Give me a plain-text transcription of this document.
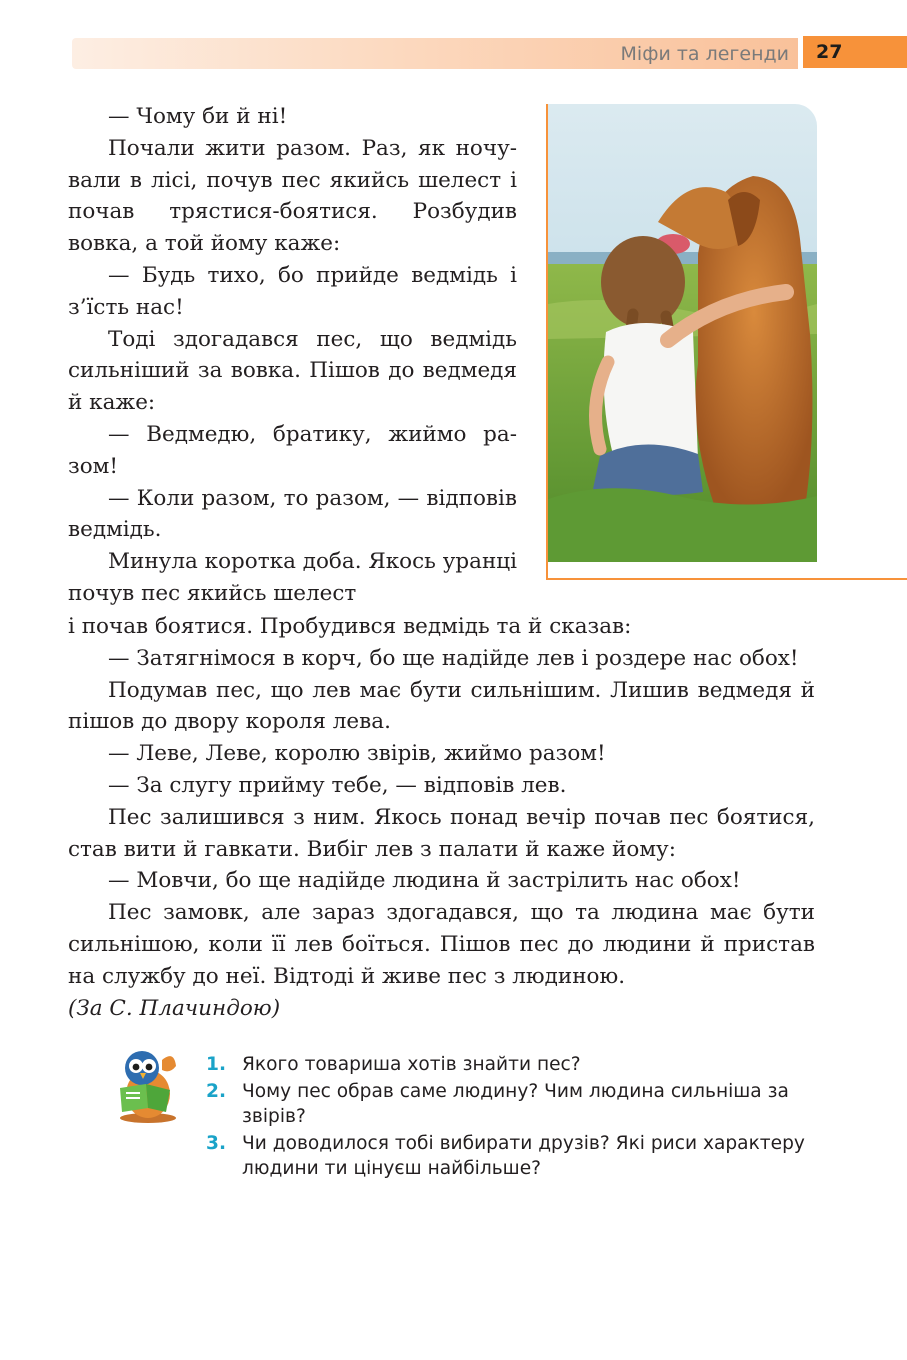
Міфи та легенди	27

— Чому би й ні!

Почали жити разом. Раз, як ночували в лісі, почув пес якийсь шелест і почав трястися-боятися. Розбудив вовка, а той йому каже:

— Будь тихо, бо прийде ведмідь і з’їсть нас!

Тоді здогадався пес, що ведмідь сильніший за вовка. Пішов до ведмедя й каже:

— Ведмедю, братику, жиймо разом!

— Коли разом, то разом, — відповів ведмідь.

Минула коротка доба. Якось уранці почув пес якийсь шелест

і почав боятися. Пробудився ведмідь та й сказав:

— Затягнімося в корч, бо ще надійде лев і роздере нас обох!

Подумав пес, що лев має бути сильнішим. Лишив ведмедя й пішов до двору короля лева.

— Леве, Леве, королю звірів, жиймо разом!

— За слугу прийму тебе, — відповів лев.

Пес залишився з ним. Якось понад вечір почав пес боятися, став вити й гавкати. Вибіг лев з палати й каже йому:

— Мовчи, бо ще надійде людина й застрілить нас обох!

Пес замовк, але зараз здогадався, що та людина має бути сильнішою, коли її лев боїться. Пішов пес до людини й пристав на службу до неї. Відтоді й живе пес з людиною.

(За С. Плачиндою)

1. Якого товариша хотів знайти пес?
2. Чому пес обрав саме людину? Чим людина сильніша за звірів?
3. Чи доводилося тобі вибирати друзів? Які риси характеру людини ти цінуєш найбільше?
